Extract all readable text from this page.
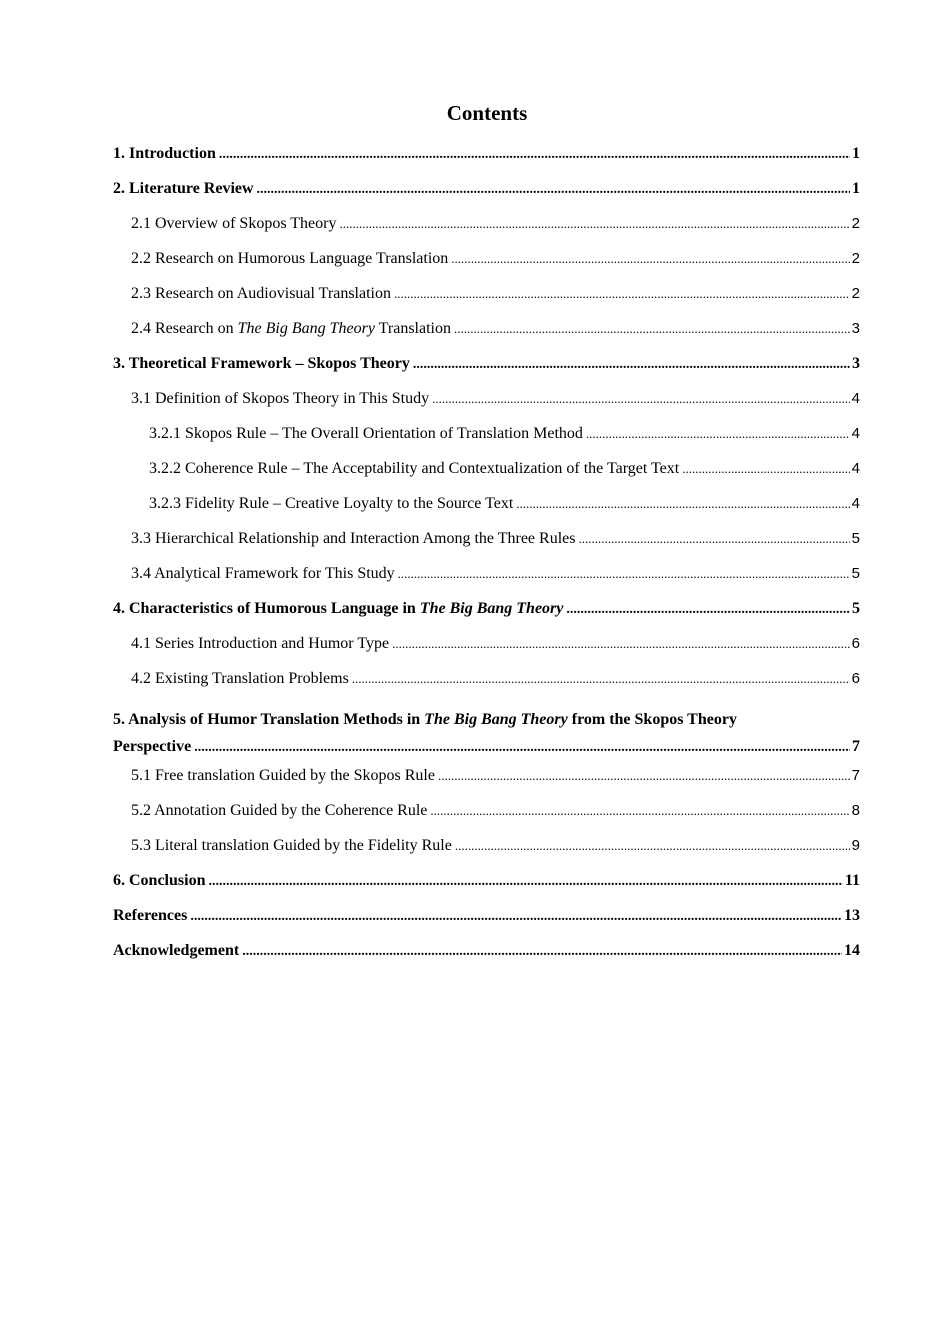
Contents
1. Introduction .....	1
2. Literature Review .....	1
2.1 Overview of Skopos Theory .....	2
2.2 Research on Humorous Language Translation .....	2
2.3 Research on Audiovisual Translation .....	2
2.4 Research on The Big Bang Theory Translation .....	3
3. Theoretical Framework – Skopos Theory .....	3
3.1 Definition of Skopos Theory in This Study .....	4
3.2.1 Skopos Rule – The Overall Orientation of Translation Method .....	4
3.2.2 Coherence Rule – The Acceptability and Contextualization of the Target Text .....	4
3.2.3 Fidelity Rule – Creative Loyalty to the Source Text .....	4
3.3 Hierarchical Relationship and Interaction Among the Three Rules .....	5
3.4 Analytical Framework for This Study .....	5
4. Characteristics of Humorous Language in The Big Bang Theory .....	5
4.1 Series Introduction and Humor Type .....	6
4.2 Existing Translation Problems .....	6
5. Analysis of Humor Translation Methods in The Big Bang Theory from the Skopos Theory
Perspective .....	7
5.1 Free translation Guided by the Skopos Rule .....	7
5.2 Annotation Guided by the Coherence Rule .....	8
5.3 Literal translation Guided by the Fidelity Rule .....	9
6. Conclusion .....	11
References .....	13
Acknowledgement .....	14
